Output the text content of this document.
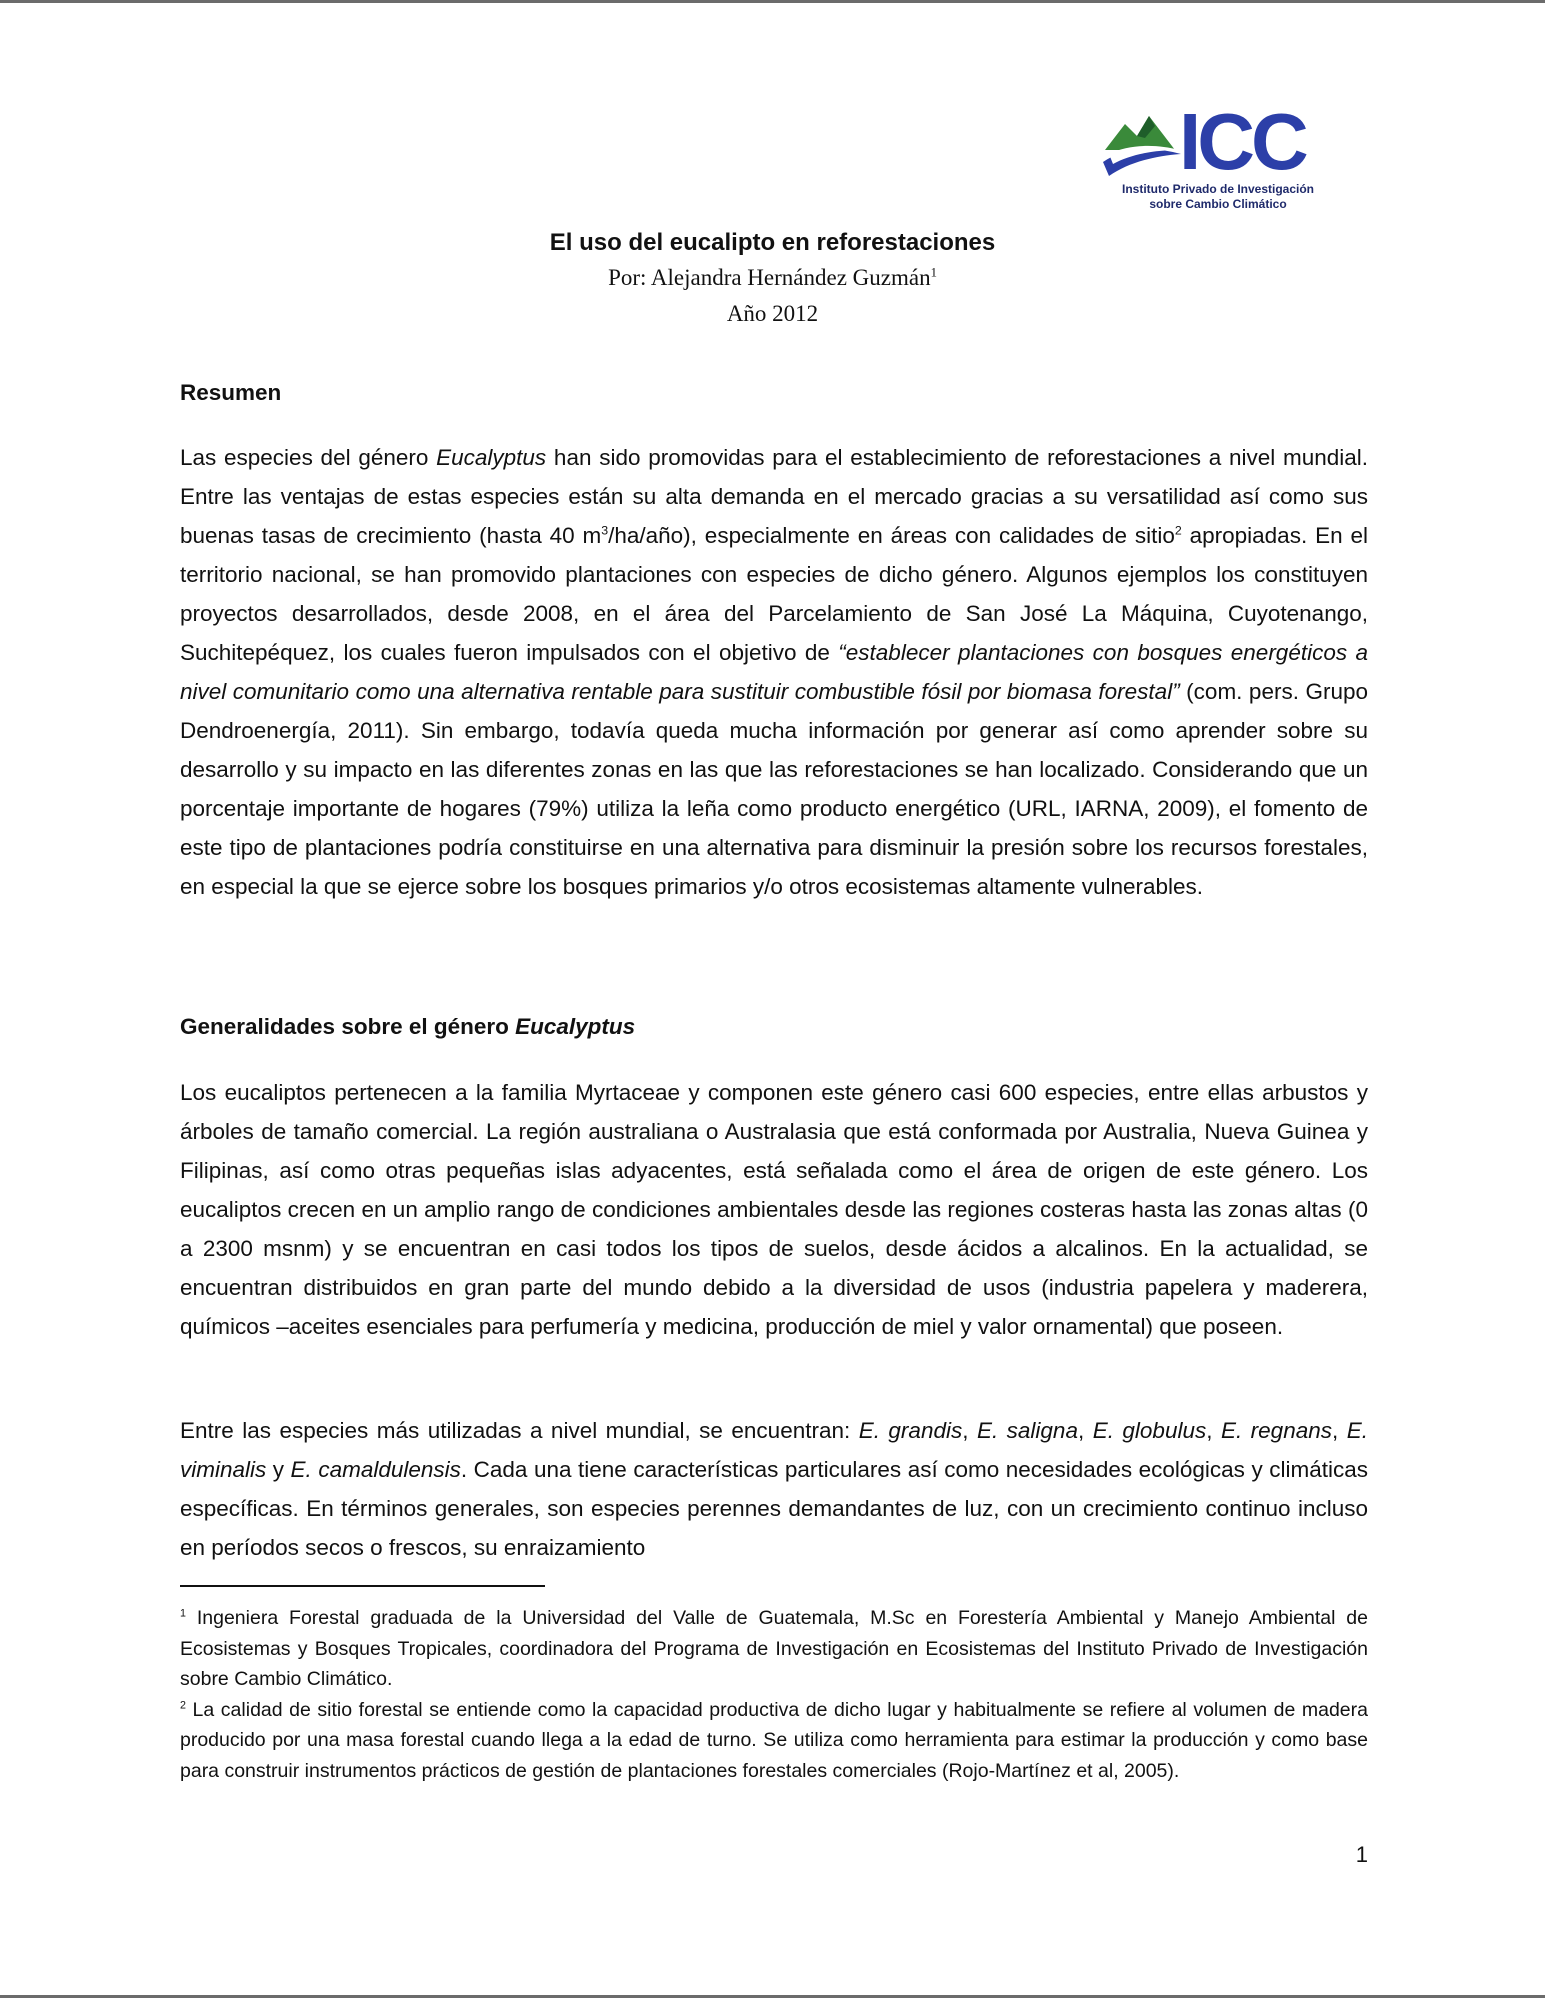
ICC
Instituto Privado de Investigación
sobre Cambio Climático
El uso del eucalipto en reforestaciones
Por: Alejandra Hernández Guzmán$^1$
Año 2012
Resumen

Las especies del género Eucalyptus han sido promovidas para el establecimiento de reforestaciones a nivel mundial. Entre las ventajas de estas especies están su alta demanda en el mercado gracias a su versatilidad así como sus buenas tasas de crecimiento (hasta 40 $m^3/ha/año$), especialmente en áreas con calidades de sitio$^2$ apropiadas. En el territorio nacional, se han promovido plantaciones con especies de dicho género. Algunos ejemplos los constituyen proyectos desarrollados, desde 2008, en el área del Parcelamiento de San José La Máquina, Cuyotenango, Suchitepéquez, los cuales fueron impulsados con el objetivo de “establecer plantaciones con bosques energéticos a nivel comunitario como una alternativa rentable para sustituir combustible fósil por biomasa forestal” (com. pers. Grupo Dendroenergía, 2011). Sin embargo, todavía queda mucha información por generar así como aprender sobre su desarrollo y su impacto en las diferentes zonas en las que las reforestaciones se han localizado. Considerando que un porcentaje importante de hogares (79%) utiliza la leña como producto energético (URL, IARNA, 2009), el fomento de este tipo de plantaciones podría constituirse en una alternativa para disminuir la presión sobre los recursos forestales, en especial la que se ejerce sobre los bosques primarios y/o otros ecosistemas altamente vulnerables.

Generalidades sobre el género Eucalyptus

Los eucaliptos pertenecen a la familia Myrtaceae y componen este género casi 600 especies, entre ellas arbustos y árboles de tamaño comercial. La región australiana o Australasia que está conformada por Australia, Nueva Guinea y Filipinas, así como otras pequeñas islas adyacentes, está señalada como el área de origen de este género. Los eucaliptos crecen en un amplio rango de condiciones ambientales desde las regiones costeras hasta las zonas altas (0 a 2300 msnm) y se encuentran en casi todos los tipos de suelos, desde ácidos a alcalinos. En la actualidad, se encuentran distribuidos en gran parte del mundo debido a la diversidad de usos (industria papelera y maderera, químicos –aceites esenciales para perfumería y medicina, producción de miel y valor ornamental) que poseen.

Entre las especies más utilizadas a nivel mundial, se encuentran: E. grandis, E. saligna, E. globulus, E. regnans, E. viminalis y E. camaldulensis. Cada una tiene características particulares así como necesidades ecológicas y climáticas específicas. En términos generales, son especies perennes demandantes de luz, con un crecimiento continuo incluso en períodos secos o frescos, su enraizamiento

$^1$ Ingeniera Forestal graduada de la Universidad del Valle de Guatemala, M.Sc en Forestería Ambiental y Manejo Ambiental de Ecosistemas y Bosques Tropicales, coordinadora del Programa de Investigación en Ecosistemas del Instituto Privado de Investigación sobre Cambio Climático.

$^2$ La calidad de sitio forestal se entiende como la capacidad productiva de dicho lugar y habitualmente se refiere al volumen de madera producido por una masa forestal cuando llega a la edad de turno. Se utiliza como herramienta para estimar la producción y como base para construir instrumentos prácticos de gestión de plantaciones forestales comerciales (Rojo-Martínez et al, 2005).

1
